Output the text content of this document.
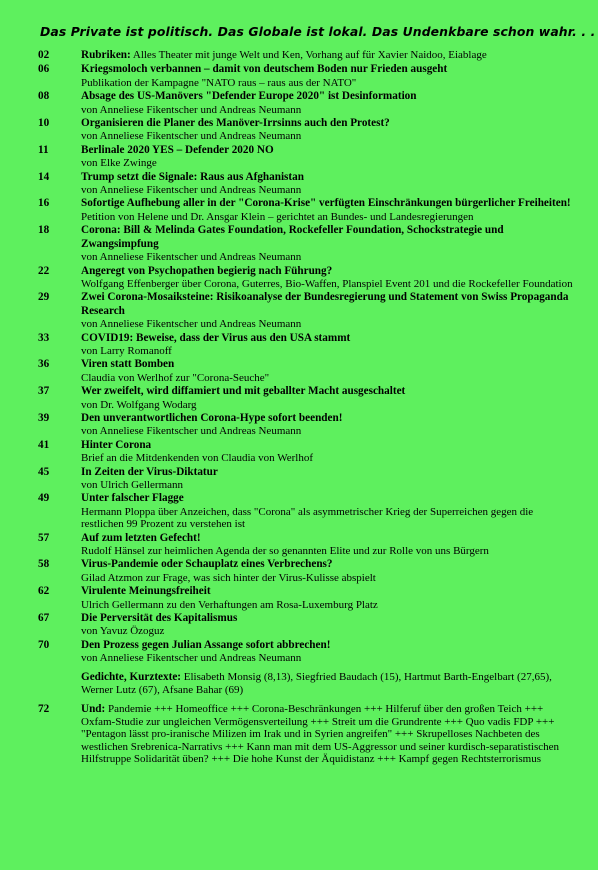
Das Private ist politisch. Das Globale ist lokal. Das Undenkbare schon wahr. . .
02	Rubriken: Alles Theater mit junge Welt und Ken, Vorhang auf für Xavier Naidoo, Eiablage
06	Kriegsmoloch verbannen – damit von deutschem Boden nur Frieden ausgeht
Publikation der Kampagne "NATO raus – raus aus der NATO"
08	Absage des US-Manövers "Defender Europe 2020" ist Desinformation
von Anneliese Fikentscher und Andreas Neumann
10	Organisieren die Planer des Manöver-Irrsinns auch den Protest?
von Anneliese Fikentscher und Andreas Neumann
11	Berlinale 2020 YES – Defender 2020 NO
von Elke Zwinge
14	Trump setzt die Signale: Raus aus Afghanistan
von Anneliese Fikentscher und Andreas Neumann
16	Sofortige Aufhebung aller in der "Corona-Krise" verfügten Einschränkungen bürgerlicher Freiheiten!
Petition von Helene und Dr. Ansgar Klein – gerichtet an Bundes- und Landesregierungen
18	Corona: Bill & Melinda Gates Foundation, Rockefeller Foundation, Schockstrategie und Zwangsimpfung
von Anneliese Fikentscher und Andreas Neumann
22	Angeregt von Psychopathen begierig nach Führung?
Wolfgang Effenberger über Corona, Guterres, Bio-Waffen, Planspiel Event 201 und die Rockefeller Foundation
29	Zwei Corona-Mosaiksteine: Risikoanalyse der Bundesregierung und Statement von Swiss Propaganda Research
von Anneliese Fikentscher und Andreas Neumann
33	COVID19: Beweise, dass der Virus aus den USA stammt
von Larry Romanoff
36	Viren statt Bomben
Claudia von Werlhof zur "Corona-Seuche"
37	Wer zweifelt, wird diffamiert und mit geballter Macht ausgeschaltet
von Dr. Wolfgang Wodarg
39	Den unverantwortlichen Corona-Hype sofort beenden!
von Anneliese Fikentscher und Andreas Neumann
41	Hinter Corona
Brief an die Mitdenkenden von Claudia von Werlhof
45	In Zeiten der Virus-Diktatur
von Ulrich Gellermann
49	Unter falscher Flagge
Hermann Ploppa über Anzeichen, dass "Corona" als asymmetrischer Krieg der Superreichen gegen die restlichen 99 Prozent zu verstehen ist
57	Auf zum letzten Gefecht!
Rudolf Hänsel zur heimlichen Agenda der so genannten Elite und zur Rolle von uns Bürgern
58	Virus-Pandemie oder Schauplatz eines Verbrechens?
Gilad Atzmon zur Frage, was sich hinter der Virus-Kulisse abspielt
62	Virulente Meinungsfreiheit
Ulrich Gellermann zu den Verhaftungen am Rosa-Luxemburg Platz
67	Die Perversität des Kapitalismus
von Yavuz Özoguz
70	Den Prozess gegen Julian Assange sofort abbrechen!
von Anneliese Fikentscher und Andreas Neumann
Gedichte, Kurztexte: Elisabeth Monsig (8,13), Siegfried Baudach (15), Hartmut Barth-Engelbart (27,65), Werner Lutz (67), Afsane Bahar (69)
72	Und: Pandemie +++ Homeoffice +++ Corona-Beschränkungen +++ Hilferuf über den großen Teich +++ Oxfam-Studie zur ungleichen Vermögensverteilung +++ Streit um die Grundrente +++ Quo vadis FDP +++ "Pentagon lässt pro-iranische Milizen im Irak und in Syrien angreifen" +++ Skrupelloses Nachbeten des westlichen Srebrenica-Narrativs +++ Kann man mit dem US-Aggressor und seiner kurdisch-separatistischen Hilfstruppe Solidarität üben? +++ Die hohe Kunst der Äquidistanz +++ Kampf gegen Rechtsterrorismus
